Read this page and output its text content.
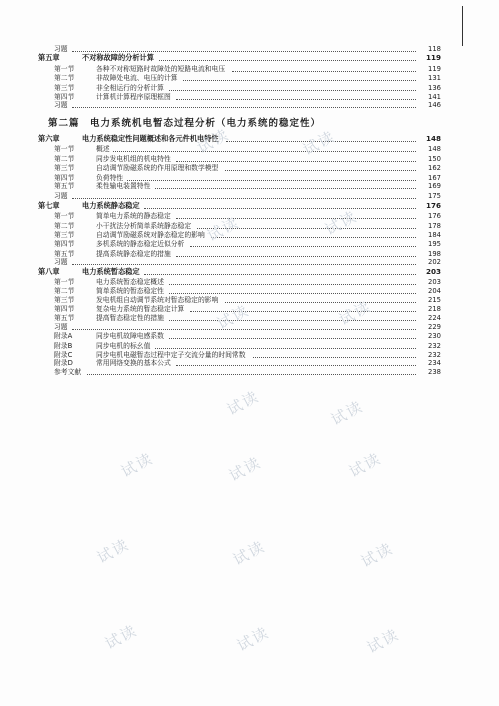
第二篇　电力系统机电暂态过程分析（电力系统的稳定性）
习题	118
第五章	不对称故障的分析计算	119
第一节	各种不对称短路时故障处的短路电流和电压	119
第二节	非故障处电流、电压的计算	131
第三节	非全相运行的分析计算	136
第四节	计算机计算程序原理框图	141
习题	146
第六章	电力系统稳定性问题概述和各元件机电特性	148
第一节	概述	148
第二节	同步发电机组的机电特性	150
第三节	自动调节励磁系统的作用原理和数学模型	162
第四节	负荷特性	167
第五节	柔性输电装置特性	169
习题	175
第七章	电力系统静态稳定	176
第一节	简单电力系统的静态稳定	176
第二节	小干扰法分析简单系统静态稳定	178
第三节	自动调节励磁系统对静态稳定的影响	184
第四节	多机系统的静态稳定近似分析	195
第五节	提高系统静态稳定的措施	198
习题	202
第八章	电力系统暂态稳定	203
第一节	电力系统暂态稳定概述	203
第二节	简单系统的暂态稳定性	204
第三节	发电机组自动调节系统对暂态稳定的影响	215
第四节	复杂电力系统的暂态稳定计算	218
第五节	提高暂态稳定性的措施	224
习题	229
附录A	同步电机故障电感系数	230
附录B	同步电机的标幺值	232
附录C	同步电机电磁暂态过程中定子交流分量的时间常数	232
附录D	常用网络变换的基本公式	234
参考文献	238
试读	试读
试读	试读
试读	试读
试读	试读
试读	试读	试读
试读	试读	试读
试读	试读	试读
